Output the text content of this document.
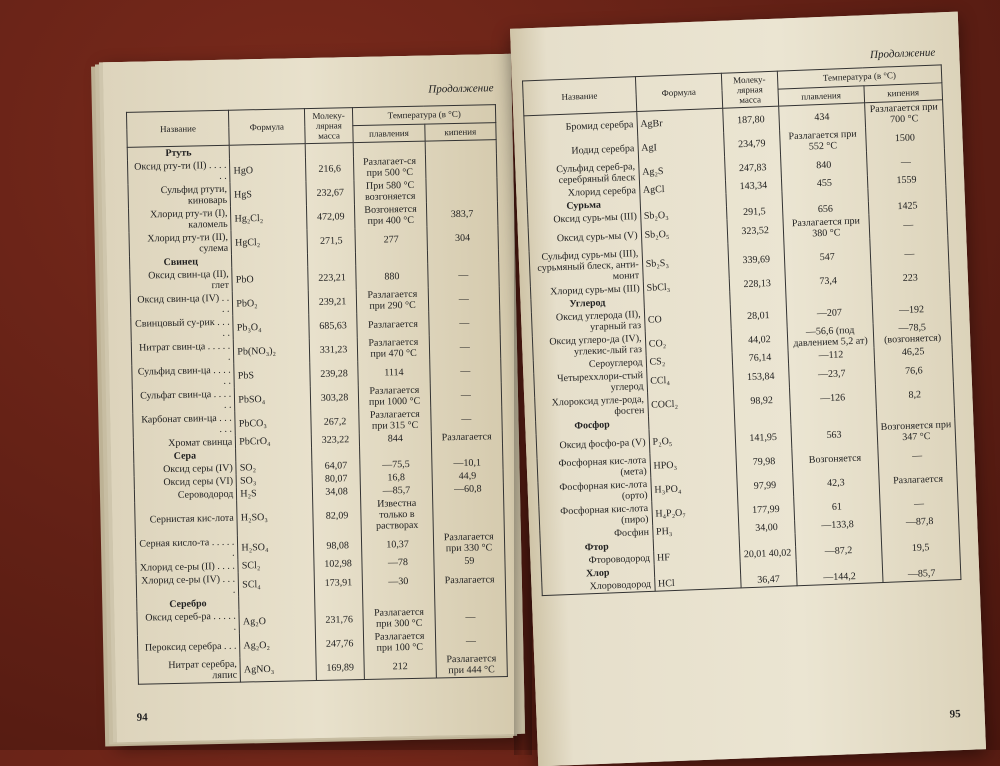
Продолжение
Название	Формула	Молеку-лярная масса	Температура (в °С)	
			плавления	кипения
Ртуть				
Оксид рту-ти (II) . . . . . .	HgO	216,6	Разлагает-ся при 500 °С	
Сульфид ртути, киноварь	HgS	232,67	При 580 °С возгоняется	
Хлорид рту-ти (I), каломель	Hg₂Cl₂	472,09	Возгоняется при 400 °С	383,7
Хлорид рту-ти (II), сулема	HgCl₂	271,5	277	304
Свинец				
Оксид свин-ца (II), глет	PbO	223,21	880	—
Оксид свин-ца (IV) . . . .	PbO₂	239,21	Разлагается при 290 °С	—
Свинцовый су-рик . . . . .	Pb₃O₄	685,63	Разлагается	—
Нитрат свин-ца . . . . . .	Pb(NO₃)₂	331,23	Разлагается при 470 °С	—
Сульфид свин-ца . . . . . .	PbS	239,28	1114	—
Сульфат свин-ца . . . . . .	PbSO₄	303,28	Разлагается при 1000 °С	—
Карбонат свин-ца . . . . . .	PbCO₃	267,2	Разлагается при 315 °С	—
Хромат свинца	PbCrO₄	323,22	844	Разлагается
Сера				
Оксид серы (IV)	SO₂	64,07	—75,5	—10,1
Оксид серы (VI)	SO₃	80,07	16,8	44,9
Сероводород	H₂S	34,08	—85,7	—60,8
Сернистая кис-лота	H₂SO₃	82,09	Известна только в растворах	
Серная кисло-та . . . . . .	H₂SO₄	98,08	10,37	Разлагается при 330 °С
Хлорид се-ры (II) . . . .	SCl₂	102,98	—78	59
Хлорид се-ры (IV) . . . .	SCl₄	173,91	—30	Разлагается
Серебро				
Оксид сереб-ра . . . . . .	Ag₂O	231,76	Разлагается при 300 °С	—
Пероксид серебра . . .	Ag₂O₂	247,76	Разлагается при 100 °С	—
Нитрат серебра, ляпис	AgNO₃	169,89	212	Разлагается при 444 °С
94
Продолжение
Название	Формула	Молеку-лярная масса	Температура (в °С)	
			плавления	кипения
Бромид серебра	AgBr	187,80	434	Разлагается при 700 °С
Иодид серебра	AgI	234,79	Разлагается при 552 °С	1500
Сульфид сереб-ра, серебряный блеск	Ag₂S	247,83	840	—
Хлорид серебра	AgCl	143,34	455	1559
Сурьма				
Оксид сурь-мы (III)	Sb₂O₃	291,5	656	1425
Оксид сурь-мы (V)	Sb₂O₅	323,52	Разлагается при 380 °С	—
Сульфид сурь-мы (III), сурьмяный блеск, анти-монит	Sb₂S₃	339,69	547	—
Хлорид сурь-мы (III)	SbCl₃	228,13	73,4	223
Углерод				
Оксид углерода (II), угарный газ	CO	28,01	—207	—192
Оксид углеро-да (IV), углекис-лый газ	CO₂	44,02	—56,6 (под давлением 5,2 ат)	—78,5 (возгоняется)
Сероуглерод	CS₂	76,14	—112	46,25
Четыреххлори-стый углерод	CCl₄	153,84	—23,7	76,6
Хлороксид угле-рода, фосген	COCl₂	98,92	—126	8,2
Фосфор				
Оксид фосфо-ра (V)	P₂O₅	141,95	563	Возгоняется при 347 °С
Фосфорная кис-лота (мета)	HPO₃	79,98	Возгоняется	—
Фосфорная кис-лота (орто)	H₃PO₄	97,99	42,3	Разлагается
Фосфорная кис-лота (пиро)	H₄P₂O₇	177,99	61	—
Фосфин	PH₃	34,00	—133,8	—87,8
Фтор				
Фтороводород	HF	20,01 40,02	—87,2	19,5
Хлор				
Хлороводород	HCl	36,47	—144,2	—85,7
95
